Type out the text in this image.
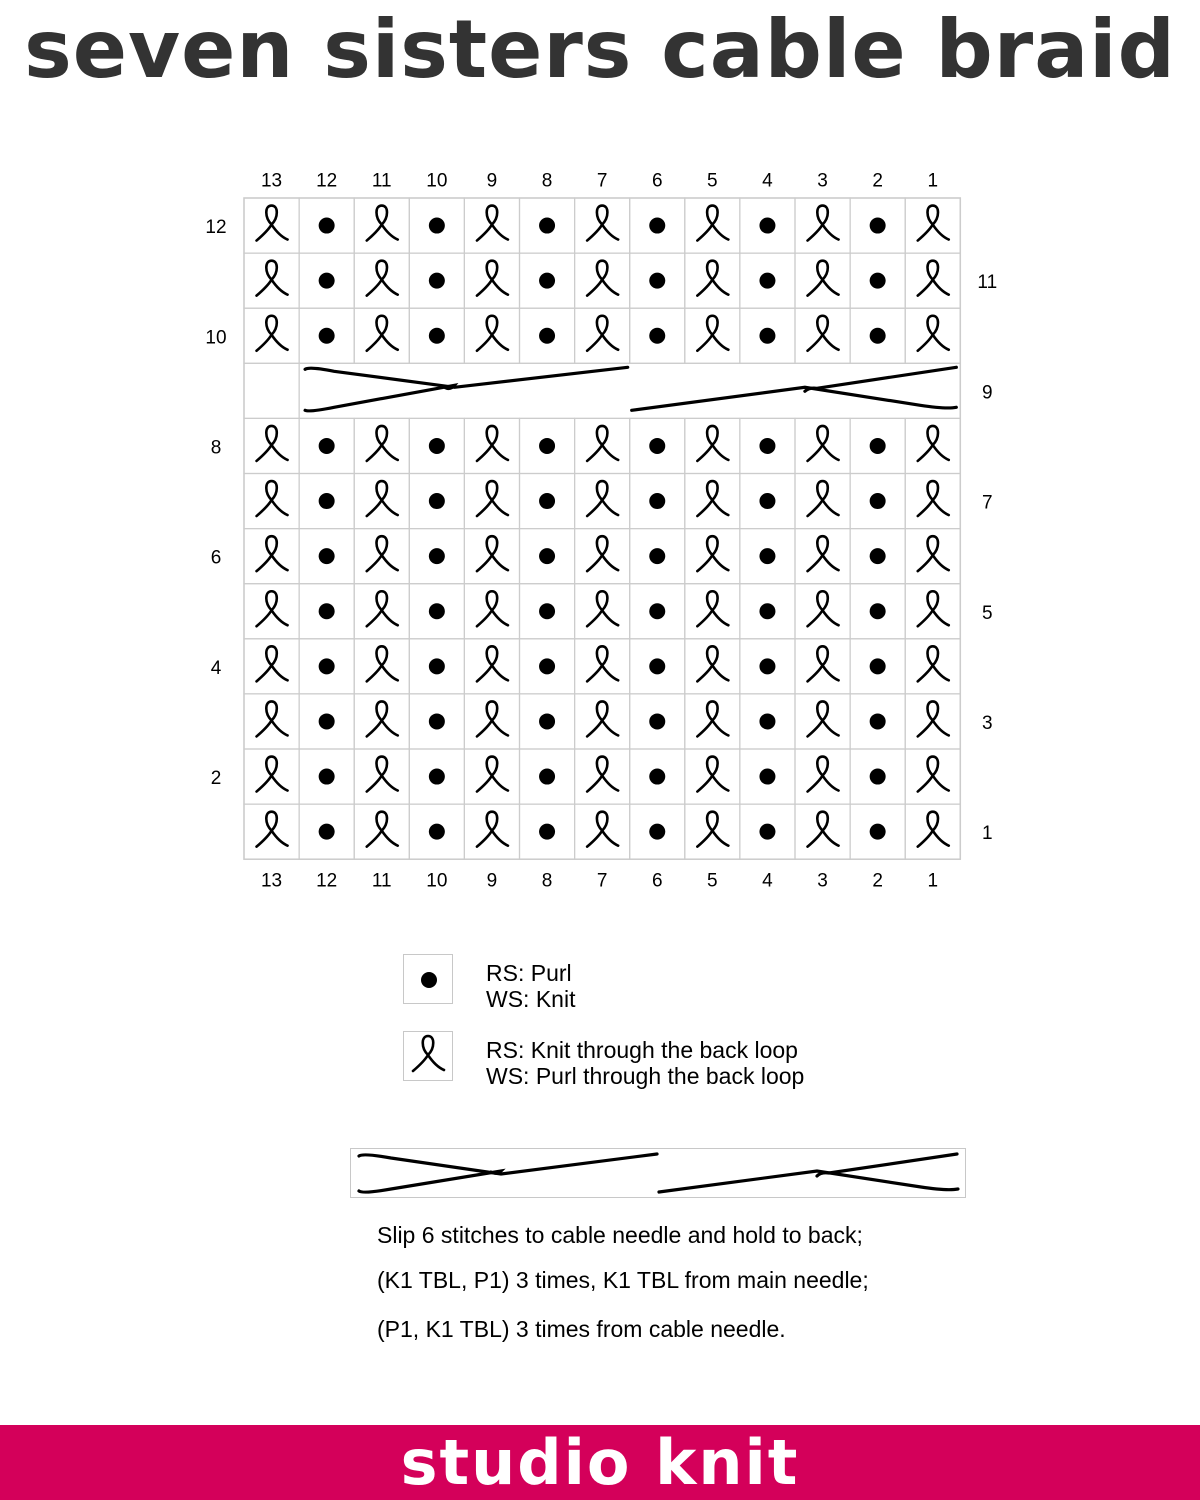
seven sisters cable braid
12
11
10
9
8
7
6
5
4
3
2
1
13
13
12
12
11
11
10
10
9
9
8
8
7
7
6
6
5
5
4
4
3
3
2
2
1
1
RS: Purl
WS: Knit
RS: Knit through the back loop
WS: Purl through the back loop
Slip 6 stitches to cable needle and hold to back;
(K1 TBL, P1) 3 times, K1 TBL from main needle;
(P1, K1 TBL) 3 times from cable needle.
studio knit
